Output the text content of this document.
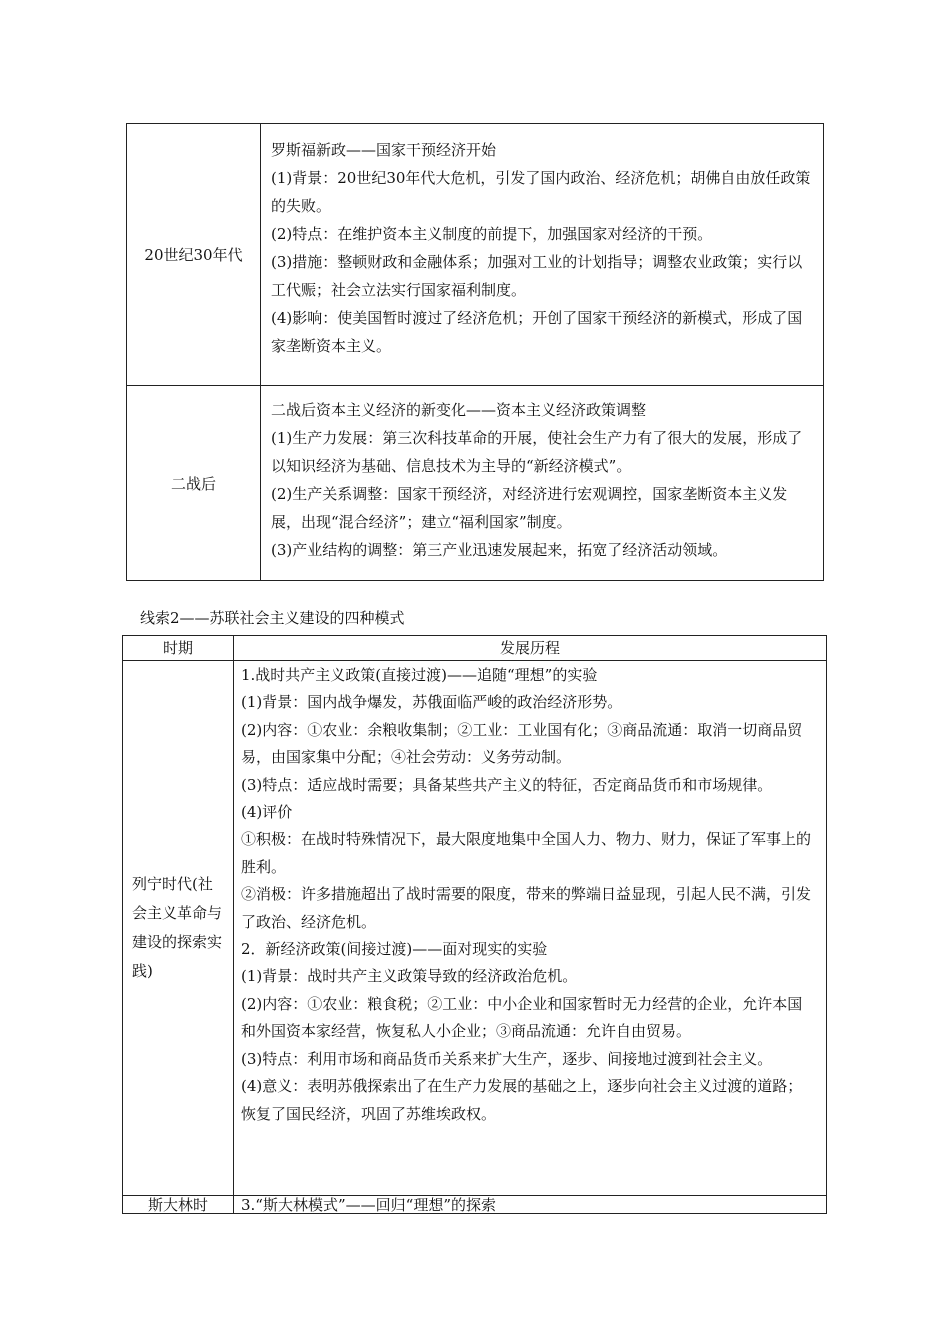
20世纪30年代

罗斯福新政——国家干预经济开始

(1)背景：20世纪30年代大危机，引发了国内政治、经济危机；胡佛自由放任政策的失败。

(2)特点：在维护资本主义制度的前提下，加强国家对经济的干预。

(3)措施：整顿财政和金融体系；加强对工业的计划指导；调整农业政策；实行以工代赈；社会立法实行国家福利制度。

(4)影响：使美国暂时渡过了经济危机；开创了国家干预经济的新模式，形成了国家垄断资本主义。

二战后

二战后资本主义经济的新变化——资本主义经济政策调整

(1)生产力发展：第三次科技革命的开展，使社会生产力有了很大的发展，形成了以知识经济为基础、信息技术为主导的“新经济模式”。

(2)生产关系调整：国家干预经济，对经济进行宏观调控，国家垄断资本主义发展，出现“混合经济”；建立“福利国家”制度。

(3)产业结构的调整：第三产业迅速发展起来，拓宽了经济活动领域。

线索2——苏联社会主义建设的四种模式
时期	发展历程
列宁时代(社会主义革命与建设的探索实践)

1.战时共产主义政策(直接过渡)——追随“理想”的实验

(1)背景：国内战争爆发，苏俄面临严峻的政治经济形势。

(2)内容：①农业：余粮收集制；②工业：工业国有化；③商品流通：取消一切商品贸易，由国家集中分配；④社会劳动：义务劳动制。

(3)特点：适应战时需要；具备某些共产主义的特征，否定商品货币和市场规律。

(4)评价

①积极：在战时特殊情况下，最大限度地集中全国人力、物力、财力，保证了军事上的胜利。

②消极：许多措施超出了战时需要的限度，带来的弊端日益显现，引起人民不满，引发了政治、经济危机。

2．新经济政策(间接过渡)——面对现实的实验

(1)背景：战时共产主义政策导致的经济政治危机。

(2)内容：①农业：粮食税；②工业：中小企业和国家暂时无力经营的企业，允许本国和外国资本家经营，恢复私人小企业；③商品流通：允许自由贸易。

(3)特点：利用市场和商品货币关系来扩大生产，逐步、间接地过渡到社会主义。

(4)意义：表明苏俄探索出了在生产力发展的基础之上，逐步向社会主义过渡的道路；恢复了国民经济，巩固了苏维埃政权。

斯大林时	3.“斯大林模式”——回归“理想”的探索
